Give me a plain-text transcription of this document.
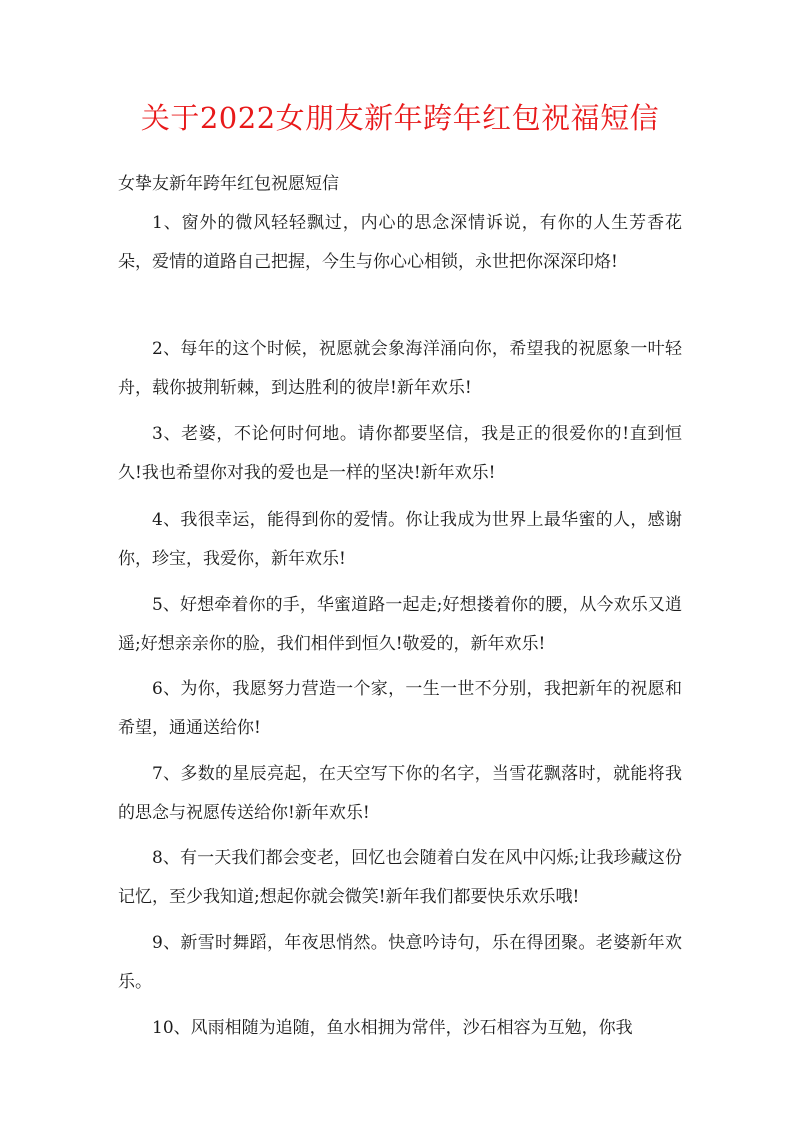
关于2022女朋友新年跨年红包祝福短信
女挚友新年跨年红包祝愿短信
1、窗外的微风轻轻飘过，内心的思念深情诉说，有你的人生芳香花朵，爱情的道路自己把握，今生与你心心相锁，永世把你深深印烙!
2、每年的这个时候，祝愿就会象海洋涌向你，希望我的祝愿象一叶轻舟，载你披荆斩棘，到达胜利的彼岸!新年欢乐!
3、老婆，不论何时何地。请你都要坚信，我是正的很爱你的!直到恒久!我也希望你对我的爱也是一样的坚决!新年欢乐!
4、我很幸运，能得到你的爱情。你让我成为世界上最华蜜的人，感谢你，珍宝，我爱你，新年欢乐!
5、好想牵着你的手，华蜜道路一起走;好想搂着你的腰，从今欢乐又逍遥;好想亲亲你的脸，我们相伴到恒久!敬爱的，新年欢乐!
6、为你，我愿努力营造一个家，一生一世不分别，我把新年的祝愿和希望，通通送给你!
7、多数的星辰亮起，在天空写下你的名字，当雪花飘落时，就能将我的思念与祝愿传送给你!新年欢乐!
8、有一天我们都会变老，回忆也会随着白发在风中闪烁;让我珍藏这份记忆，至少我知道;想起你就会微笑!新年我们都要快乐欢乐哦!
9、新雪时舞蹈，年夜思悄然。快意吟诗句，乐在得团聚。老婆新年欢乐。
10、风雨相随为追随，鱼水相拥为常伴，沙石相容为互勉，你我
